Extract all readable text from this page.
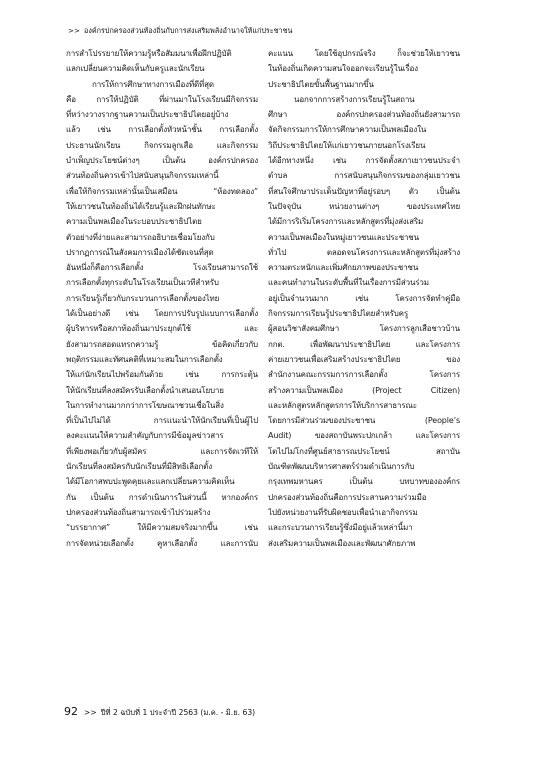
>> องค์กรปกครองส่วนท้องถิ่นกับการส่งเสริมพลังอำนาจให้แก่ประชาชน
การสำโปรรยายให้ความรู้หรือสัมมนาเพื่อฝึกปฏิบัติ
แลกเปลี่ยนความคิดเห็นกับครูและนักเรียน
การให้การศึกษาทางการเมืองที่ดีที่สุด
คือ การให้ปฏิบัติ ที่ผ่านมาในโรงเรียนมีกิจกรรม
ที่หว่างวางรากฐานความเป็นประชาธิปไตยอยู่บ้าง
แล้ว เช่น การเลือกตั้งหัวหน้าชั้น การเลือกตั้ง
ประธานนักเรียน กิจกรรมลูกเสือ และกิจกรรม
บำเพ็ญประโยชน์ต่างๆ เป็นต้น องค์กรปกครอง
ส่วนท้องถิ่นควรเข้าไปสนับสนุนกิจกรรมเหล่านี้
เพื่อให้กิจกรรมเหล่านั้นเป็นเสมือน “ห้องทดลอง”
ให้เยาวชนในท้องถิ่นได้เรียนรู้และฝึกฝนทักษะ
ความเป็นพลเมืองในระบอบประชาธิปไตย
ตัวอย่างที่ง่ายและสามารถอธิบายเชื่อมโยงกับ
ปรากฏการณ์ในสังคมการเมืองได้ชัดเจนที่สุด
อันหนึ่งก็คือการเลือกตั้ง โรงเรียนสามารถใช้
การเลือกตั้งทุกระดับในโรงเรียนเป็นเวทีสำหรับ
การเรียนรู้เกี่ยวกับกระบวนการเลือกตั้งของไทย
ได้เป็นอย่างดี เช่น โดยการปรับรูปแบบการเลือกตั้ง
ผู้บริหารหรือสภาท้องถิ่นมาประยุกต์ใช้ และ
ยังสามารถสอดแทรกความรู้ ข้อคิดเกี่ยวกับ
พฤติกรรมและทัศนคติที่เหมาะสมในการเลือกตั้ง
ให้แก่นักเรียนไปพร้อมกันด้วย เช่น การกระตุ้น
ให้นักเรียนที่ลงสมัครรับเลือกตั้งนำเสนอนโยบาย
ในการทำงานมากกว่าการโฆษณาชวนเชื่อในสิ่ง
ที่เป็นไปไม่ได้ การแนะนำให้นักเรียนที่เป็นผู้ไป
ลงคะแนนให้ความสำคัญกับการมีข้อมูลข่าวสาร
ที่เพียงพอเกี่ยวกับผู้สมัคร และการจัดเวทีให้
นักเรียนที่ลงสมัครกับนักเรียนที่มีสิทธิเลือกตั้ง
ได้มีโอกาสพบปะพูดคุยและแลกเปลี่ยนความคิดเห็น
กัน เป็นต้น การดำเนินการในส่วนนี้ หากองค์กร
ปกครองส่วนท้องถิ่นสามารถเข้าไปร่วมสร้าง
“บรรยากาศ” ให้มีความสมจริงมากขึ้น เช่น
การจัดหน่วยเลือกตั้ง คูหาเลือกตั้ง และการนับ
คะแนน โดยใช้อุปกรณ์จริง ก็จะช่วยให้เยาวชน
ในท้องถิ่นเกิดความสนใจออกจะเรียนรู้ในเรื่อง
ประชาธิปไตยขั้นพื้นฐานมากขึ้น
นอกจากการสร้างการเรียนรู้ในสถาน
ศึกษา องค์กรปกครองส่วนท้องถิ่นยังสามารถ
จัดกิจกรรมการให้การศึกษาความเป็นพลเมืองใน
วิถีประชาธิปไตยให้แก่เยาวชนภายนอกโรงเรียน
ได้อีกทางหนึ่ง เช่น การจัดตั้งสภาเยาวชนประจำ
ตำบล การสนับสนุนกิจกรรมของกลุ่มเยาวชน
ที่สนใจศึกษาประเด็นปัญหาที่อยู่รอบๆ ตัว เป็นต้น
ในปัจจุบัน หน่วยงานต่างๆ ของประเทศไทย
ได้มีการริเริ่มโครงการและหลักสูตรที่มุ่งส่งเสริม
ความเป็นพลเมืองในหมู่เยาวชนและประชาชน
ทั่วไป ตลอดจนโครงการและหลักสูตรที่มุ่งสร้าง
ความตระหนักและเพิ่มศักยภาพของประชาชน
และคนทำงานในระดับพื้นที่ในเรื่องการมีส่วนร่วม
อยู่เป็นจำนวนมาก เช่น โครงการจัดทำคู่มือ
กิจกรรมการเรียนรู้ประชาธิปไตยสำหรับครู
ผู้สอนวิชาสังคมศึกษา โครงการลูกเสือชาวบ้าน
กกต. เพื่อพัฒนาประชาธิปไตย และโครงการ
ค่ายเยาวชนเพื่อเสริมสร้างประชาธิปไตย ของ
สำนักงานคณะกรรมการการเลือกตั้ง โครงการ
สร้างความเป็นพลเมือง (Project Citizen)
และหลักสูตรหลักสูตรการให้บริการสาธารณะ
โดยการมีส่วนร่วมของประชาชน (People’s
Audit) ของสถาบันพระปกเกล้า และโครงการ
โตไปไม่โกงที่ศูนย์สาธารณประโยชน์ สถาบัน
บัณฑิตพัฒนบริหารศาสตร์ร่วมดำเนินการกับ
กรุงเทพมหานคร เป็นต้น บทบาทขององค์กร
ปกครองส่วนท้องถิ่นคือการประสานความร่วมมือ
ไปยังหน่วยงานที่รับผิดชอบเพื่อนำเอากิจกรรม
และกระบวนการเรียนรู้ซึ่งมีอยู่แล้วเหล่านี้มา
ส่งเสริมความเป็นพลเมืองและพัฒนาศักยภาพ
92 >> ปีที่ 2 ฉบับที่ 1 ประจำปี 2563 (ม.ค. - มิ.ย. 63)
